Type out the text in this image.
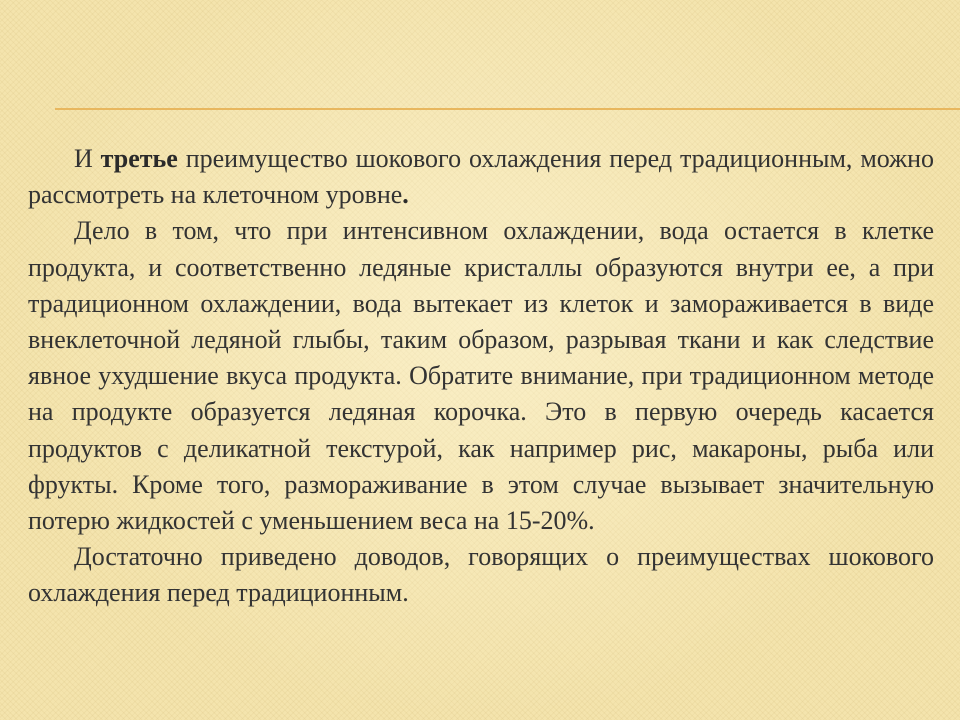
И третье преимущество шокового охлаждения перед традиционным, можно рассмотреть на клеточном уровне.

Дело в том, что при интенсивном охлаждении, вода остается в клетке продукта, и соответственно ледяные кристаллы образуются внутри ее, а при традиционном охлаждении, вода вытекает из клеток и замораживается в виде внеклеточной ледяной глыбы, таким образом, разрывая ткани и как следствие явное ухудшение вкуса продукта. Обратите внимание, при традиционном методе на продукте образуется ледяная корочка. Это в первую очередь касается продуктов с деликатной текстурой, как например рис, макароны, рыба или фрукты. Кроме того, размораживание в этом случае вызывает значительную потерю жидкостей с уменьшением веса на 15-20%.

Достаточно приведено доводов, говорящих о преимуществах шокового охлаждения перед традиционным.
